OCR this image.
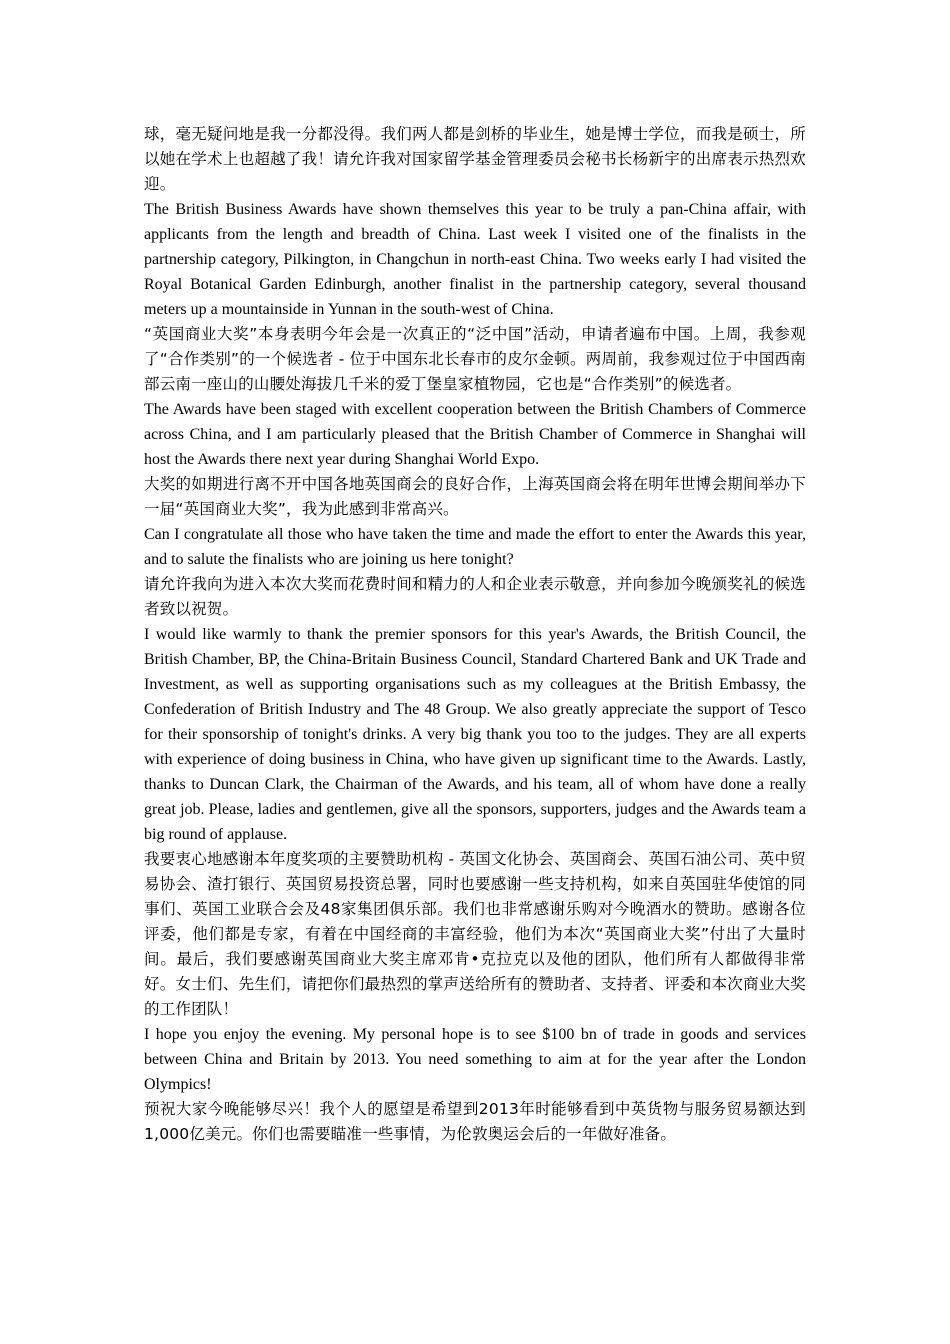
球，毫无疑问地是我一分都没得。我们两人都是剑桥的毕业生，她是博士学位，而我是硕士，所以她在学术上也超越了我！请允许我对国家留学基金管理委员会秘书长杨新宇的出席表示热烈欢迎。

The British Business Awards have shown themselves this year to be truly a pan-China affair, with applicants from the length and breadth of China. Last week I visited one of the finalists in the partnership category, Pilkington, in Changchun in north-east China. Two weeks early I had visited the Royal Botanical Garden Edinburgh, another finalist in the partnership category, several thousand meters up a mountainside in Yunnan in the south-west of China.

“英国商业大奖”本身表明今年会是一次真正的“泛中国”活动，申请者遍布中国。上周，我参观了“合作类别”的一个候选者 - 位于中国东北长春市的皮尔金顿。两周前，我参观过位于中国西南部云南一座山的山腰处海拔几千米的爱丁堡皇家植物园，它也是“合作类别”的候选者。

The Awards have been staged with excellent cooperation between the British Chambers of Commerce across China, and I am particularly pleased that the British Chamber of Commerce in Shanghai will host the Awards there next year during Shanghai World Expo.

大奖的如期进行离不开中国各地英国商会的良好合作，上海英国商会将在明年世博会期间举办下一届“英国商业大奖”，我为此感到非常高兴。

Can I congratulate all those who have taken the time and made the effort to enter the Awards this year, and to salute the finalists who are joining us here tonight?

请允许我向为进入本次大奖而花费时间和精力的人和企业表示敬意，并向参加今晚颁奖礼的候选者致以祝贺。

I would like warmly to thank the premier sponsors for this year's Awards, the British Council, the British Chamber, BP, the China-Britain Business Council, Standard Chartered Bank and UK Trade and Investment, as well as supporting organisations such as my colleagues at the British Embassy, the Confederation of British Industry and The 48 Group. We also greatly appreciate the support of Tesco for their sponsorship of tonight's drinks. A very big thank you too to the judges. They are all experts with experience of doing business in China, who have given up significant time to the Awards. Lastly, thanks to Duncan Clark, the Chairman of the Awards, and his team, all of whom have done a really great job. Please, ladies and gentlemen, give all the sponsors, supporters, judges and the Awards team a big round of applause.

我要衷心地感谢本年度奖项的主要赞助机构 - 英国文化协会、英国商会、英国石油公司、英中贸易协会、渣打银行、英国贸易投资总署，同时也要感谢一些支持机构，如来自英国驻华使馆的同事们、英国工业联合会及48家集团俱乐部。我们也非常感谢乐购对今晚酒水的赞助。感谢各位评委，他们都是专家，有着在中国经商的丰富经验，他们为本次“英国商业大奖”付出了大量时间。最后，我们要感谢英国商业大奖主席邓肯•克拉克以及他的团队，他们所有人都做得非常好。女士们、先生们，请把你们最热烈的掌声送给所有的赞助者、支持者、评委和本次商业大奖的工作团队！

I hope you enjoy the evening. My personal hope is to see $100 bn of trade in goods and services between China and Britain by 2013. You need something to aim at for the year after the London Olympics!

预祝大家今晚能够尽兴！我个人的愿望是希望到2013年时能够看到中英货物与服务贸易额达到1,000亿美元。你们也需要瞄准一些事情，为伦敦奥运会后的一年做好准备。
